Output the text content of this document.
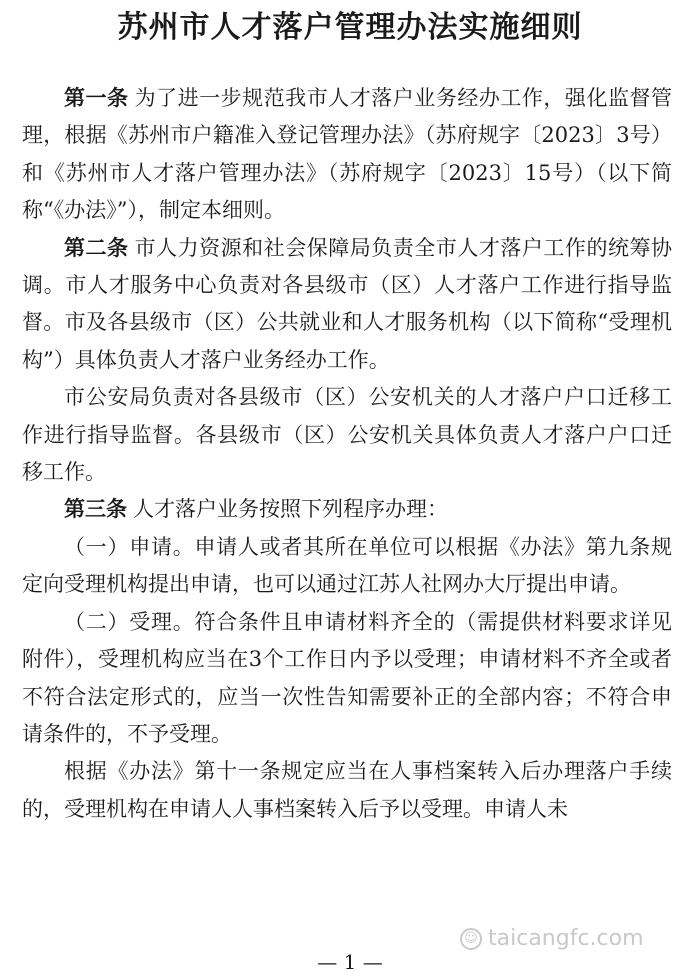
苏州市人才落户管理办法实施细则

第一条 为了进一步规范我市人才落户业务经办工作，强化监督管理，根据《苏州市户籍准入登记管理办法》（苏府规字〔2023〕3号）和《苏州市人才落户管理办法》（苏府规字〔2023〕15号）（以下简称“《办法》”），制定本细则。

第二条 市人力资源和社会保障局负责全市人才落户工作的统筹协调。市人才服务中心负责对各县级市（区）人才落户工作进行指导监督。市及各县级市（区）公共就业和人才服务机构（以下简称“受理机构”）具体负责人才落户业务经办工作。

市公安局负责对各县级市（区）公安机关的人才落户户口迁移工作进行指导监督。各县级市（区）公安机关具体负责人才落户户口迁移工作。

第三条 人才落户业务按照下列程序办理：

（一）申请。申请人或者其所在单位可以根据《办法》第九条规定向受理机构提出申请，也可以通过江苏人社网办大厅提出申请。

（二）受理。符合条件且申请材料齐全的（需提供材料要求详见附件），受理机构应当在3个工作日内予以受理；申请材料不齐全或者不符合法定形式的，应当一次性告知需要补正的全部内容；不符合申请条件的，不予受理。

根据《办法》第十一条规定应当在人事档案转入后办理落户手续的，受理机构在申请人人事档案转入后予以受理。申请人未

☺ taicangfc.com
— 1 —
